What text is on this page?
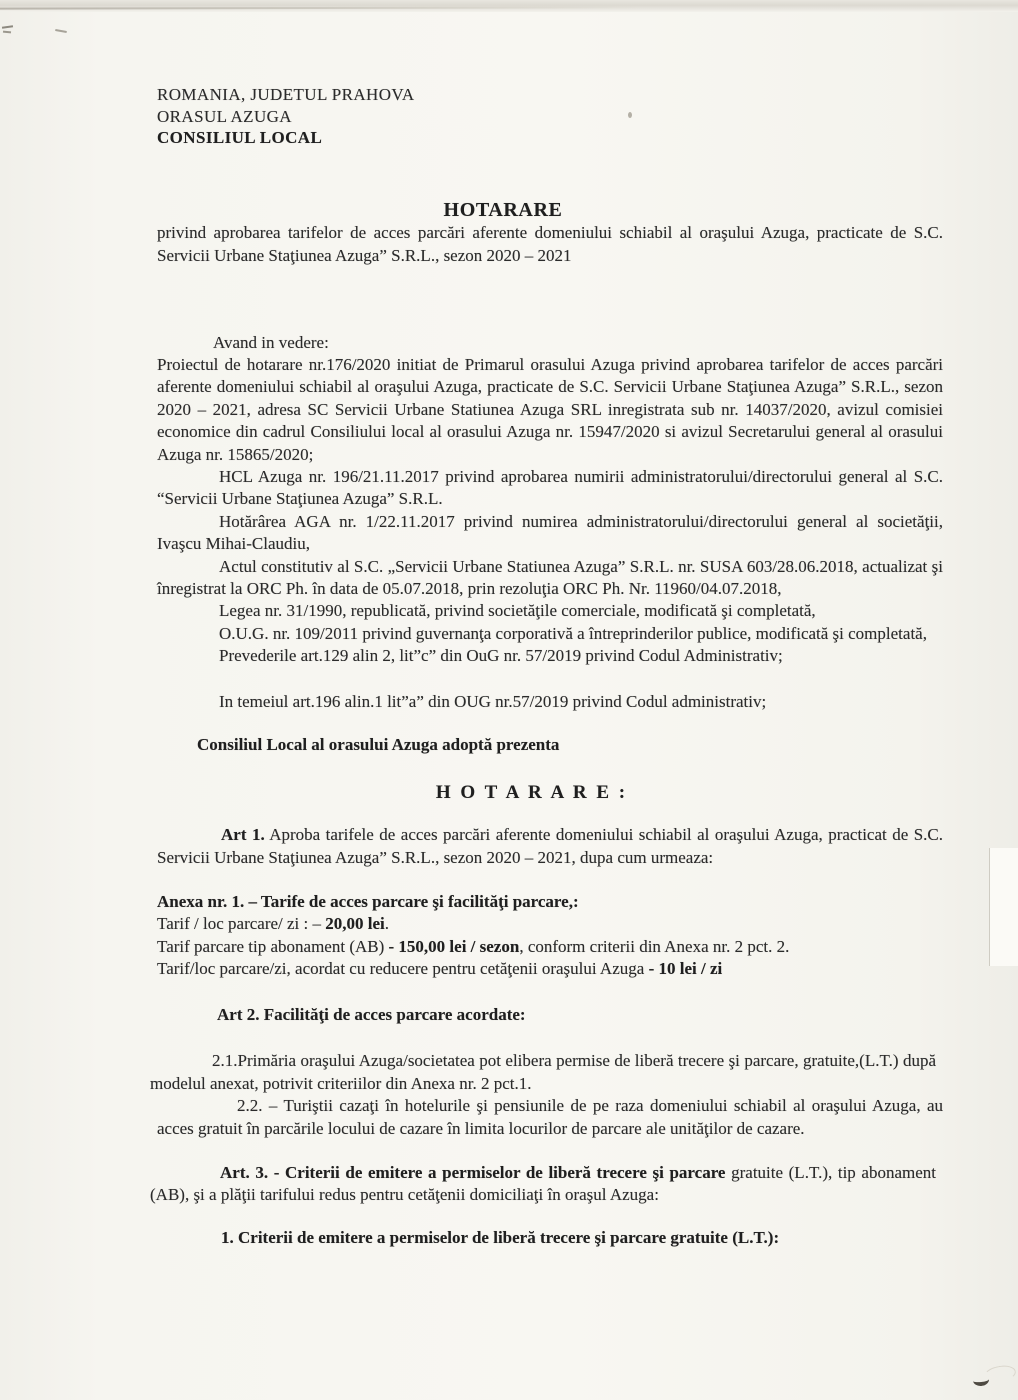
ROMANIA, JUDETUL PRAHOVA

ORASUL AZUGA

CONSILIUL LOCAL

HOTARARE

privind aprobarea tarifelor de acces parcări aferente domeniului schiabil al oraşului Azuga, practicate de S.C. Servicii Urbane Staţiunea Azuga” S.R.L., sezon 2020 – 2021

Avand in vedere:

Proiectul de hotarare nr.176/2020 initiat de Primarul orasului Azuga privind aprobarea tarifelor de acces parcări aferente domeniului schiabil al oraşului Azuga, practicate de S.C. Servicii Urbane Staţiunea Azuga” S.R.L., sezon 2020 – 2021, adresa SC Servicii Urbane Statiunea Azuga SRL inregistrata sub nr. 14037/2020, avizul comisiei economice din cadrul Consiliului local al orasului Azuga nr. 15947/2020 si avizul Secretarului general al orasului Azuga nr. 15865/2020;

HCL Azuga nr. 196/21.11.2017 privind aprobarea numirii administratorului/directorului general al S.C. “Servicii Urbane Staţiunea Azuga” S.R.L.

Hotărârea AGA nr. 1/22.11.2017 privind numirea administratorului/directorului general al societăţii, Ivaşcu Mihai-Claudiu,

Actul constitutiv al S.C. „Servicii Urbane Statiunea Azuga” S.R.L. nr. SUSA 603/28.06.2018, actualizat şi înregistrat la ORC Ph. în data de 05.07.2018, prin rezoluţia ORC Ph. Nr. 11960/04.07.2018,

Legea nr. 31/1990, republicată, privind societăţile comerciale, modificată şi completată,

O.U.G. nr. 109/2011 privind guvernanţa corporativă a întreprinderilor publice, modificată şi completată,

Prevederile art.129 alin 2, lit”c” din OuG nr. 57/2019 privind Codul Administrativ;

In temeiul art.196 alin.1 lit”a” din OUG nr.57/2019 privind Codul administrativ;

Consiliul Local al orasului Azuga adoptă prezenta

H O T A R A R E :

Art 1. Aproba tarifele de acces parcări aferente domeniului schiabil al oraşului Azuga, practicat de S.C. Servicii Urbane Staţiunea Azuga” S.R.L., sezon 2020 – 2021, dupa cum urmeaza:

Anexa nr. 1. – Tarife de acces parcare şi facilităţi parcare,:

Tarif / loc parcare/ zi : – 20,00 lei.

Tarif parcare tip abonament (AB) - 150,00 lei / sezon, conform criterii din Anexa nr. 2 pct. 2.

Tarif/loc parcare/zi, acordat cu reducere pentru cetăţenii oraşului Azuga - 10 lei / zi

Art 2. Facilităţi de acces parcare acordate:

2.1.Primăria oraşului Azuga/societatea pot elibera permise de liberă trecere şi parcare, gratuite,(L.T.) după modelul anexat, potrivit criteriilor din Anexa nr. 2 pct.1.

2.2. – Turiştii cazaţi în hotelurile şi pensiunile de pe raza domeniului schiabil al oraşului Azuga, au acces gratuit în parcările locului de cazare în limita locurilor de parcare ale unităţilor de cazare.

Art. 3. - Criterii de emitere a permiselor de liberă trecere şi parcare gratuite (L.T.), tip abonament (AB), şi a plăţii tarifului redus pentru cetăţenii domiciliaţi în oraşul Azuga:

1. Criterii de emitere a permiselor de liberă trecere şi parcare gratuite (L.T.):
